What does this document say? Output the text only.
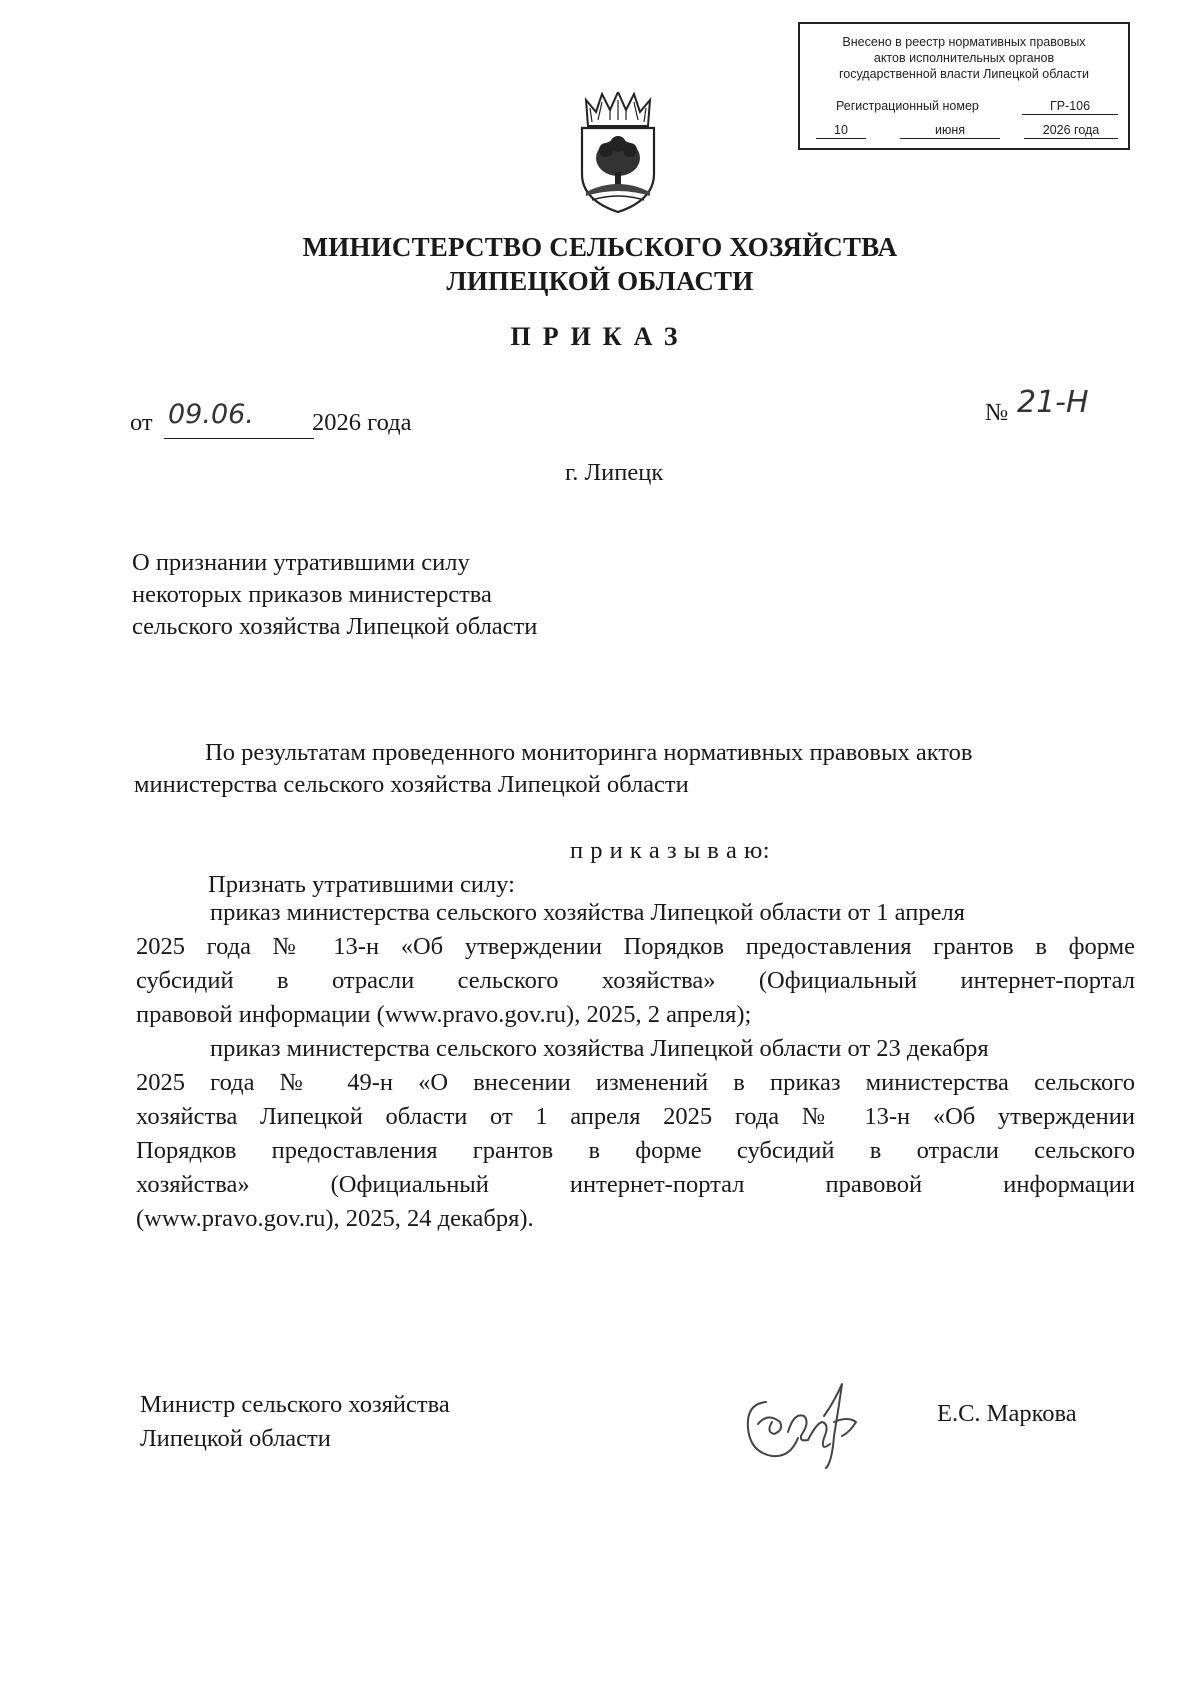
Внесено в реестр нормативных правовых
актов исполнительных органов
государственной власти Липецкой области
Регистрационный номер	ГР-106
10	июня	2026 года
МИНИСТЕРСТВО СЕЛЬСКОГО ХОЗЯЙСТВА
ЛИПЕЦКОЙ ОБЛАСТИ
ПРИКАЗ
от 09.06. 2026 года	№ 21-Н
г. Липецк
О признании утратившими силу
некоторых приказов министерства
сельского хозяйства Липецкой области
По результатам проведенного мониторинга нормативных правовых актов
министерства сельского хозяйства Липецкой области
п р и к а з ы в а ю:
Признать утратившими силу:
приказ министерства сельского хозяйства Липецкой области от 1 апреля
2025 года № 13-н «Об утверждении Порядков предоставления грантов в форме
субсидий в отрасли сельского хозяйства» (Официальный интернет-портал
правовой информации (www.pravo.gov.ru), 2025, 2 апреля);
приказ министерства сельского хозяйства Липецкой области от 23 декабря
2025 года № 49-н «О внесении изменений в приказ министерства сельского
хозяйства Липецкой области от 1 апреля 2025 года № 13-н «Об утверждении
Порядков предоставления грантов в форме субсидий в отрасли сельского
хозяйства» (Официальный интернет-портал правовой информации
(www.pravo.gov.ru), 2025, 24 декабря).
Министр сельского хозяйства
Липецкой области
Е.С. Маркова
